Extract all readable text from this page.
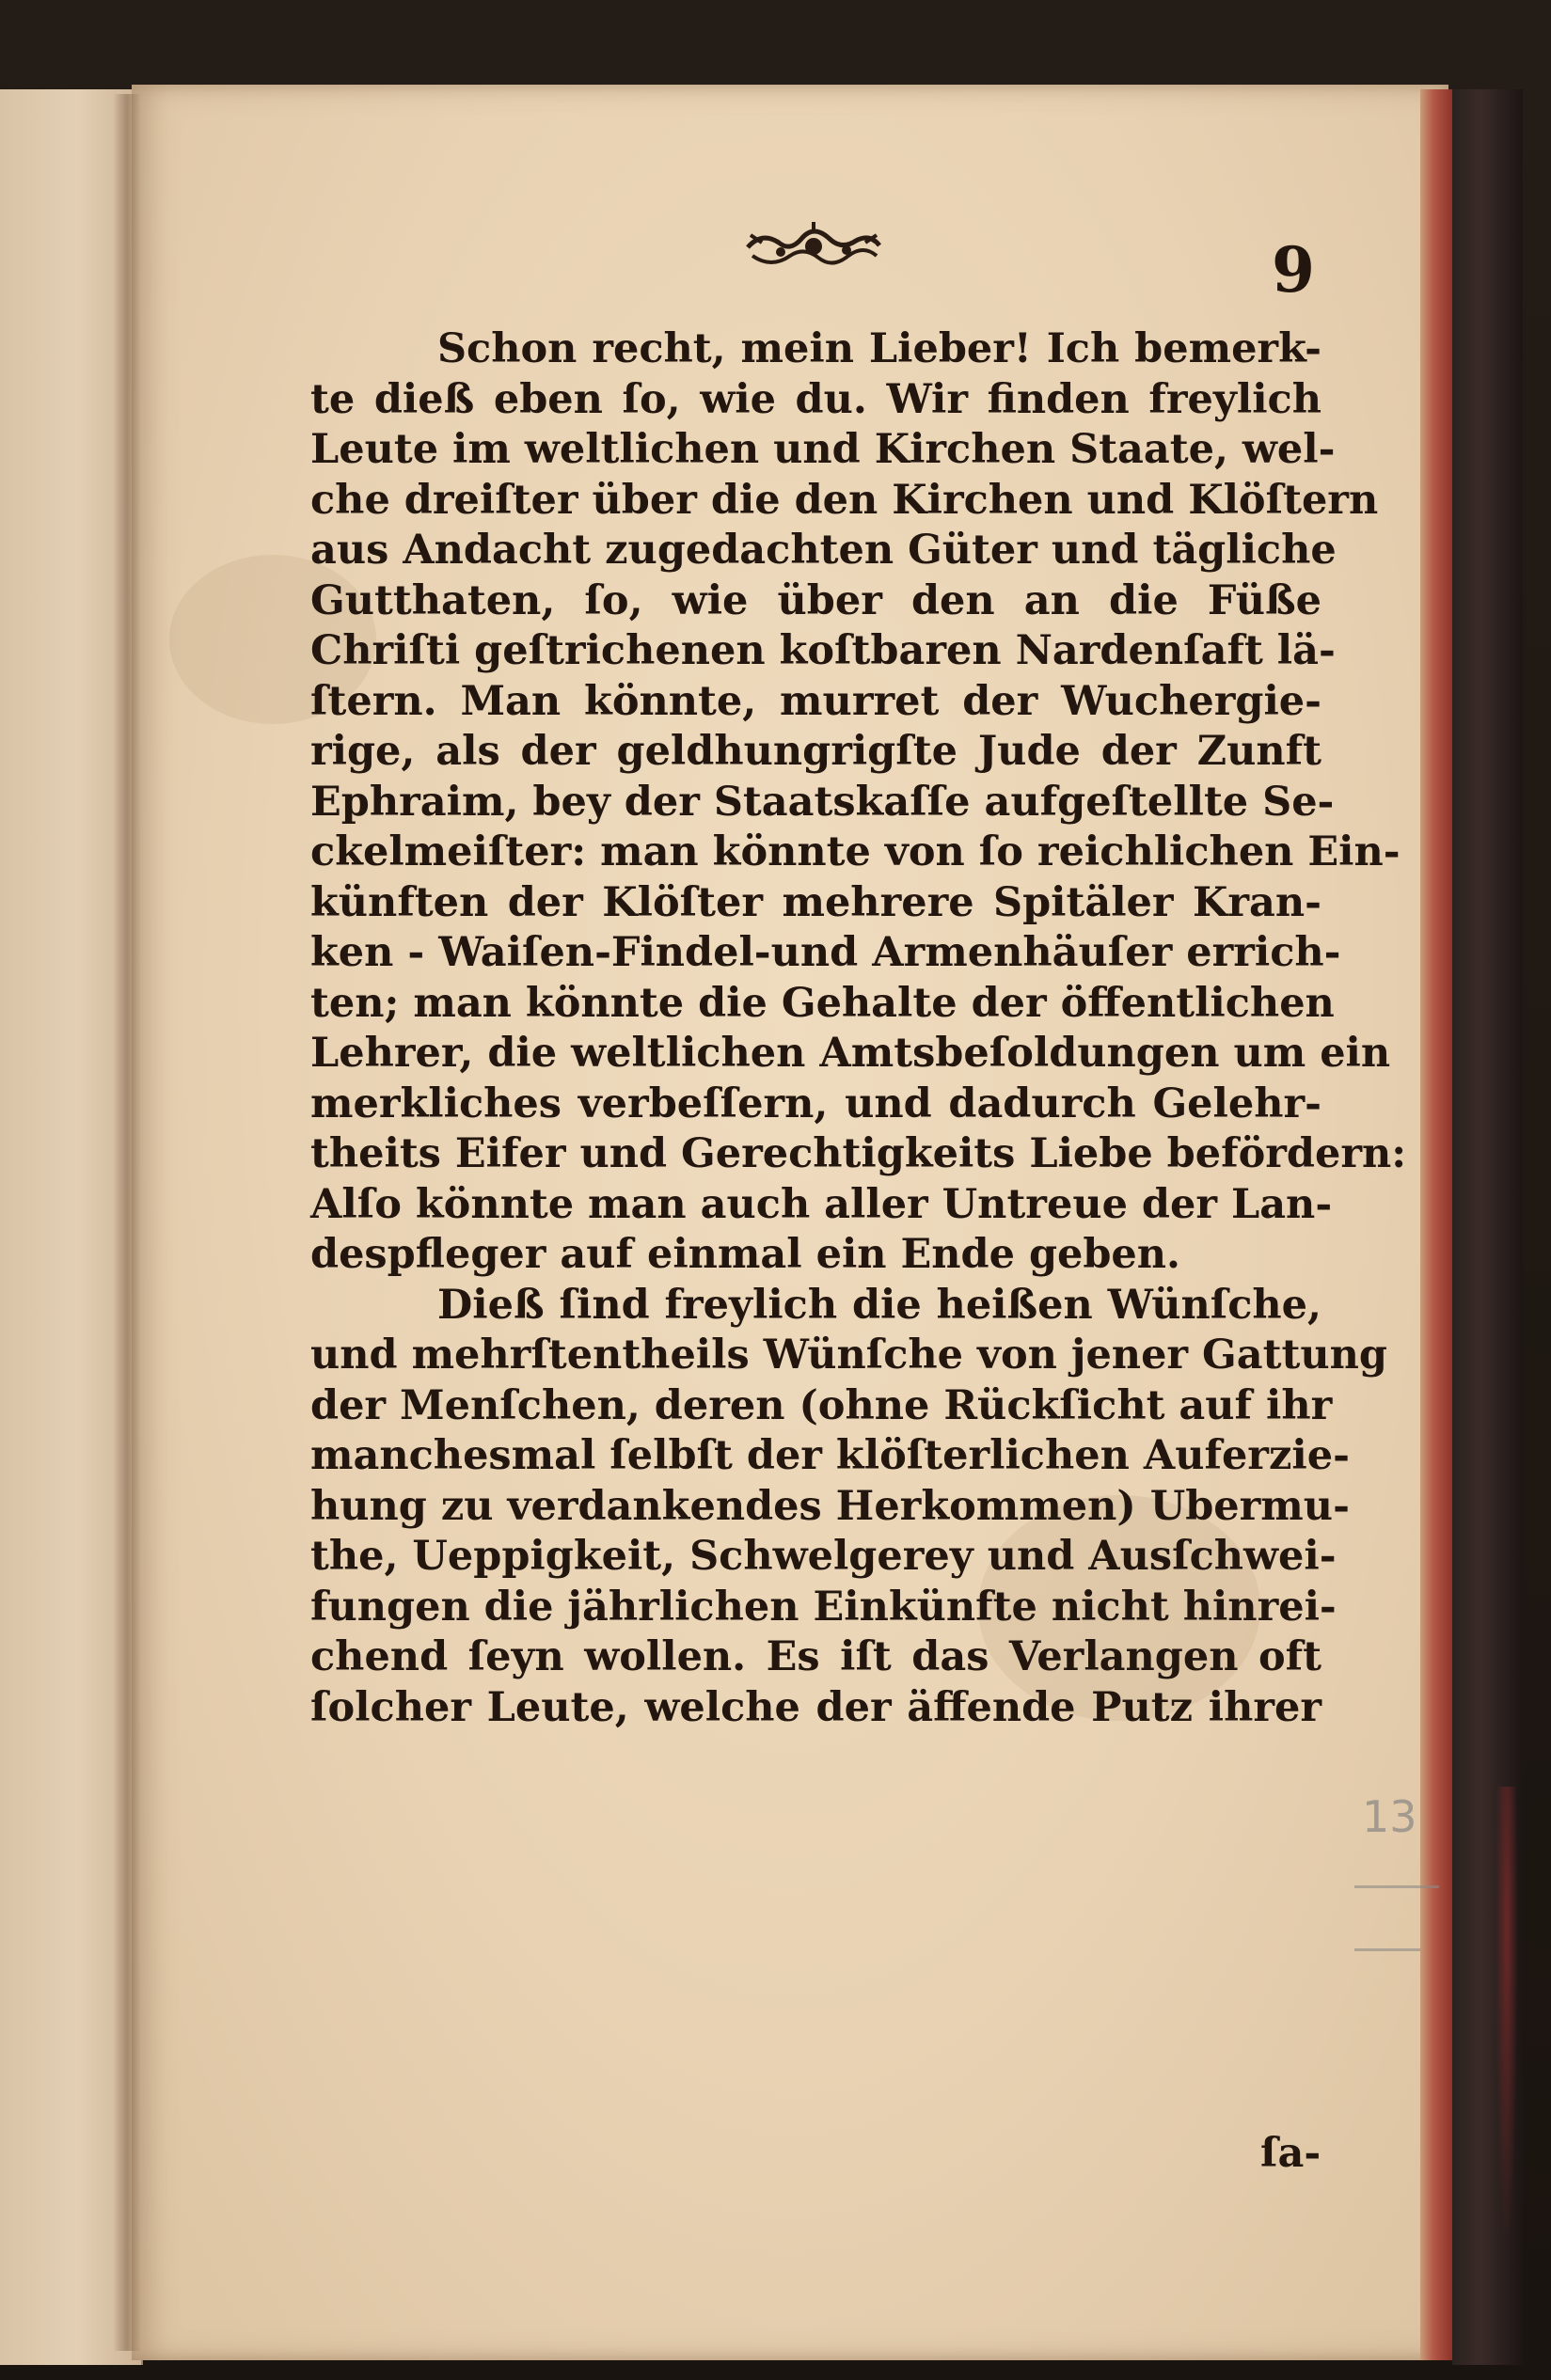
9
Schon recht, mein Lieber! Ich bemerk-
te dieß eben ſo, wie du. Wir finden freylich
Leute im weltlichen und Kirchen Staate, wel-
che dreiſter über die den Kirchen und Klöſtern
aus Andacht zugedachten Güter und tägliche
Gutthaten, ſo, wie über den an die Füße
Chriſti geſtrichenen koſtbaren Nardenſaft lä-
ſtern. Man könnte, murret der Wuchergie-
rige, als der geldhungrigſte Jude der Zunft
Ephraim, bey der Staatskaſſe aufgeſtellte Se-
ckelmeiſter: man könnte von ſo reichlichen Ein-
künften der Klöſter mehrere Spitäler Kran-
ken - Waiſen-Findel-und Armenhäuſer errich-
ten; man könnte die Gehalte der öffentlichen
Lehrer, die weltlichen Amtsbeſoldungen um ein
merkliches verbeſſern, und dadurch Gelehr-
theits Eifer und Gerechtigkeits Liebe befördern:
Alſo könnte man auch aller Untreue der Lan-
despfleger auf einmal ein Ende geben.
Dieß ſind freylich die heißen Wünſche,
und mehrſtentheils Wünſche von jener Gattung
der Menſchen, deren (ohne Rückſicht auf ihr
manchesmal ſelbſt der klöſterlichen Auferzie-
hung zu verdankendes Herkommen) Ubermu-
the, Ueppigkeit, Schwelgerey und Ausſchwei-
fungen die jährlichen Einkünfte nicht hinrei-
chend ſeyn wollen. Es iſt das Verlangen oft
ſolcher Leute, welche der äffende Putz ihrer
ſa-
13
